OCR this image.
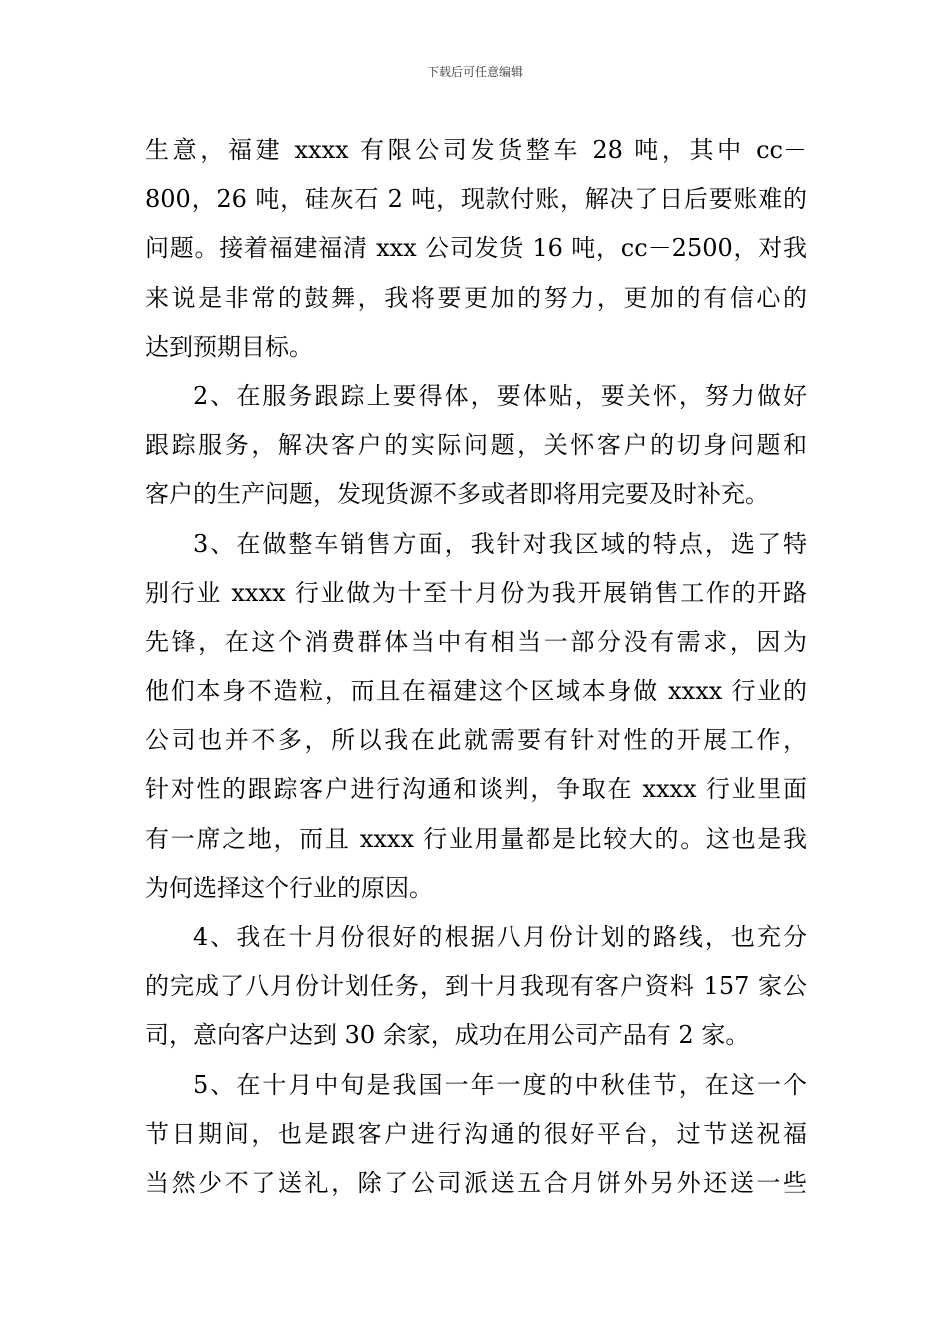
下载后可任意编辑
生意，福建 xxxx 有限公司发货整车 28 吨，其中 cc－
800，26 吨，硅灰石 2 吨，现款付账，解决了日后要账难的
问题。接着福建福清 xxx 公司发货 16 吨，cc－2500，对我
来说是非常的鼓舞，我将要更加的努力，更加的有信心的
达到预期目标。
2、在服务跟踪上要得体，要体贴，要关怀，努力做好
跟踪服务，解决客户的实际问题，关怀客户的切身问题和
客户的生产问题，发现货源不多或者即将用完要及时补充。
3、在做整车销售方面，我针对我区域的特点，选了特
别行业 xxxx 行业做为十至十月份为我开展销售工作的开路
先锋，在这个消费群体当中有相当一部分没有需求，因为
他们本身不造粒，而且在福建这个区域本身做 xxxx 行业的
公司也并不多，所以我在此就需要有针对性的开展工作，
针对性的跟踪客户进行沟通和谈判，争取在 xxxx 行业里面
有一席之地，而且 xxxx 行业用量都是比较大的。这也是我
为何选择这个行业的原因。
4、我在十月份很好的根据八月份计划的路线，也充分
的完成了八月份计划任务，到十月我现有客户资料 157 家公
司，意向客户达到 30 余家，成功在用公司产品有 2 家。
5、在十月中旬是我国一年一度的中秋佳节，在这一个
节日期间，也是跟客户进行沟通的很好平台，过节送祝福
当然少不了送礼，除了公司派送五合月饼外另外还送一些
